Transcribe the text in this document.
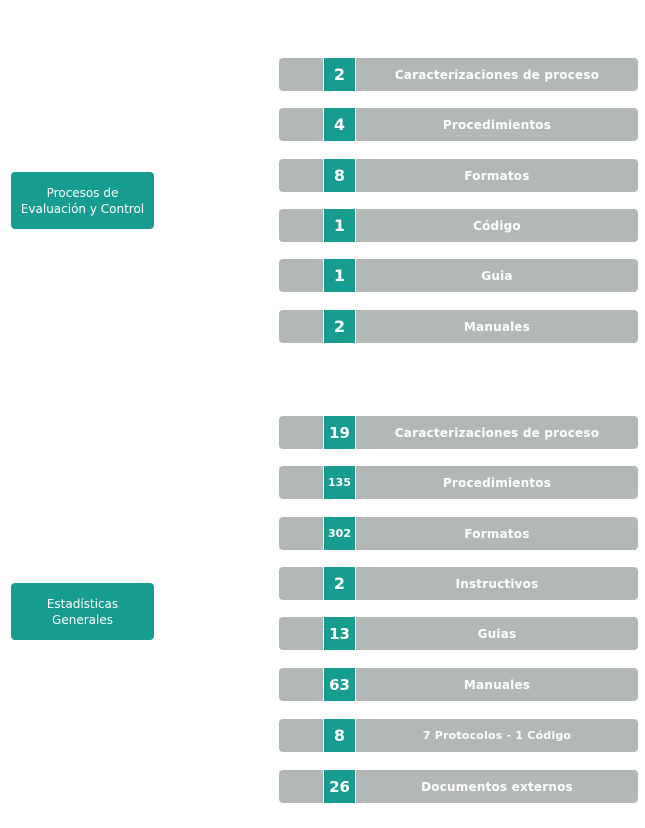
Procesos de Evaluación y Control
2	Caracterizaciones de proceso
4	Procedimientos
8	Formatos
1	Código
1	Guia
2	Manuales
Estadísticas Generales
19	Caracterizaciones de proceso
135	Procedimientos
302	Formatos
2	Instructivos
13	Guias
63	Manuales
8	7 Protocolos - 1 Código
26	Documentos externos
